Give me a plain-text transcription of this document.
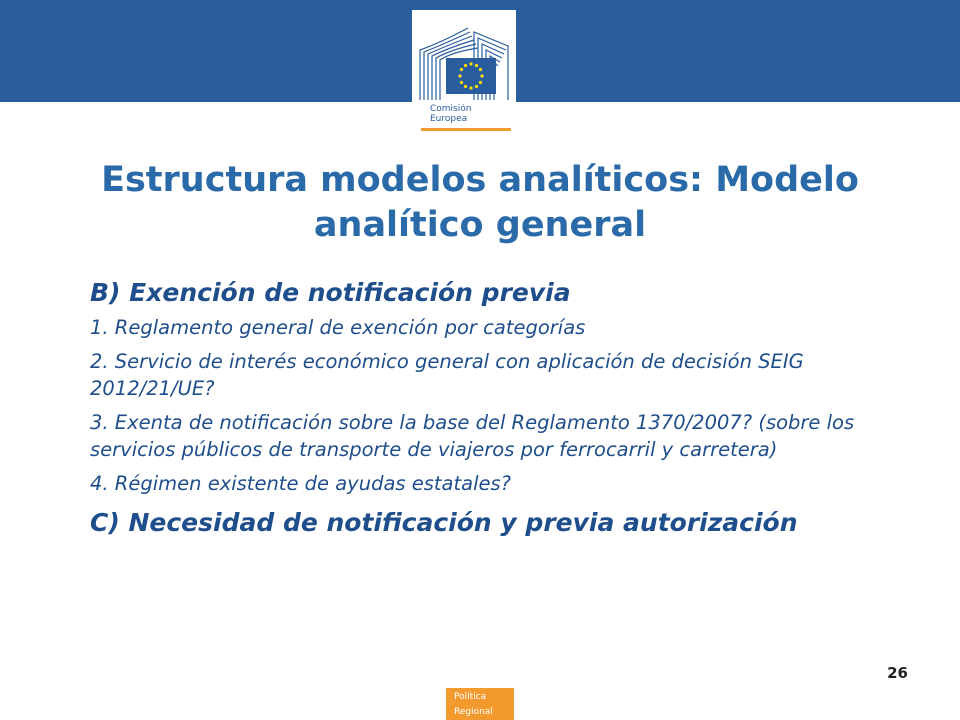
Comisión
Europea
Estructura modelos analíticos: Modelo analítico general
B) Exención de notificación previa
1. Reglamento general de exención por categorías
2. Servicio de interés económico general con aplicación de decisión SEIG 2012/21/UE?
3. Exenta de notificación sobre la base del Reglamento 1370/2007? (sobre los servicios públicos de transporte de viajeros por ferrocarril y carretera)
4. Régimen existente de ayudas estatales?
C) Necesidad de notificación y previa autorización
26
Política
Regional
